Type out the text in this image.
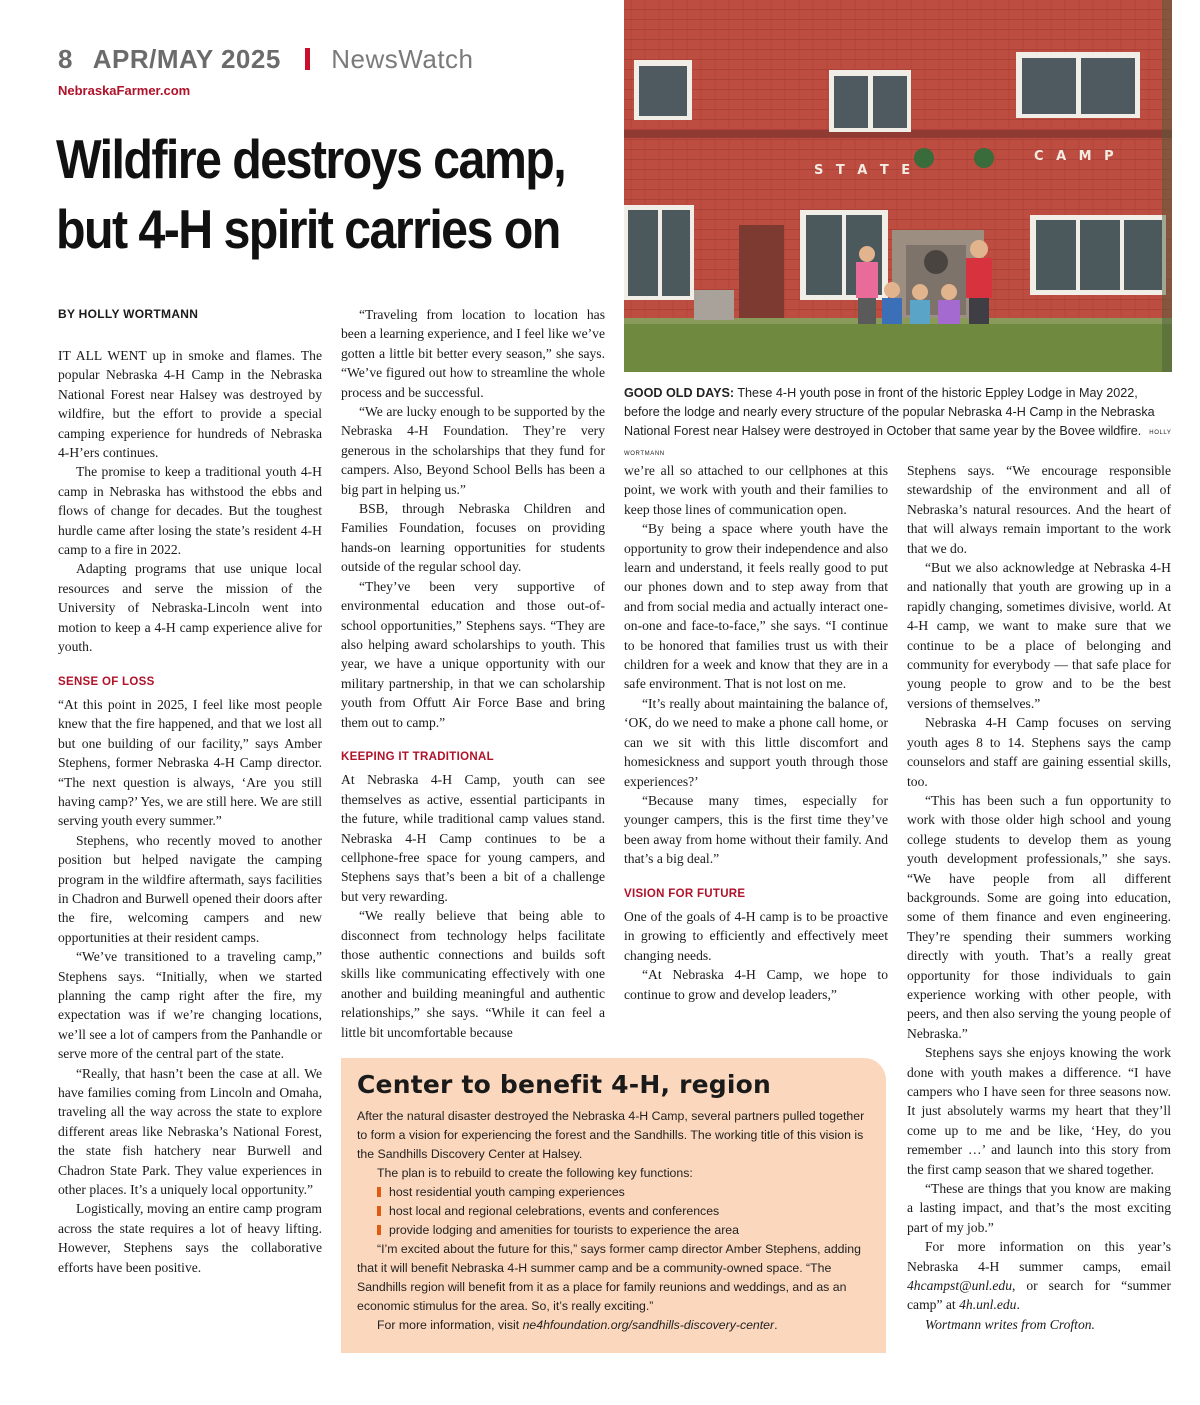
8 APR/MAY 2025 NewsWatch
NebraskaFarmer.com
Wildfire destroys camp,
but 4-H spirit carries on
BY HOLLY WORTMANN
S T A T E
C A M P
GOOD OLD DAYS: These 4-H youth pose in front of the historic Eppley Lodge in May 2022, before the lodge and nearly every structure of the popular Nebraska 4-H Camp in the Nebraska National Forest near Halsey were destroyed in October that same year by the Bovee wildfire. HOLLY WORTMANN

IT ALL WENT up in smoke and flames. The popular Nebraska 4-H Camp in the Nebraska National Forest near Halsey was destroyed by wildfire, but the effort to provide a special camping experience for hundreds of Nebraska 4-H’ers continues.

The promise to keep a traditional youth 4-H camp in Nebraska has withstood the ebbs and flows of change for decades. But the toughest hurdle came after losing the state’s resident 4-H camp to a fire in 2022.

Adapting programs that use unique local resources and serve the mission of the University of Nebraska-Lincoln went into motion to keep a 4-H camp experience alive for youth.

SENSE OF LOSS

“At this point in 2025, I feel like most people knew that the fire happened, and that we lost all but one building of our facility,” says Amber Stephens, former Nebraska 4-H Camp director. “The next question is always, ‘Are you still having camp?’ Yes, we are still here. We are still serving youth every summer.”

Stephens, who recently moved to another position but helped navigate the camping program in the wildfire aftermath, says facilities in Chadron and Burwell opened their doors after the fire, welcoming campers and new opportunities at their resident camps.

“We’ve transitioned to a traveling camp,” Stephens says. “Initially, when we started planning the camp right after the fire, my expectation was if we’re changing locations, we’ll see a lot of campers from the Panhandle or serve more of the central part of the state.

“Really, that hasn’t been the case at all. We have families coming from Lincoln and Omaha, traveling all the way across the state to explore different areas like Nebraska’s National Forest, the state fish hatchery near Burwell and Chadron State Park. They value experiences in other places. It’s a uniquely local opportunity.”

Logistically, moving an entire camp program across the state requires a lot of heavy lifting. However, Stephens says the collaborative efforts have been positive.

“Traveling from location to location has been a learning experience, and I feel like we’ve gotten a little bit better every season,” she says. “We’ve figured out how to streamline the whole process and be successful.

“We are lucky enough to be supported by the Nebraska 4-H Foundation. They’re very generous in the scholarships that they fund for campers. Also, Beyond School Bells has been a big part in helping us.”

BSB, through Nebraska Children and Families Foundation, focuses on providing hands-on learning opportunities for students outside of the regular school day.

“They’ve been very supportive of environmental education and those out-of-school opportunities,” Stephens says. “They are also helping award scholarships to youth. This year, we have a unique opportunity with our military partnership, in that we can scholarship youth from Offutt Air Force Base and bring them out to camp.”

KEEPING IT TRADITIONAL

At Nebraska 4-H Camp, youth can see themselves as active, essential participants in the future, while traditional camp values stand. Nebraska 4-H Camp continues to be a cellphone-free space for young campers, and Stephens says that’s been a bit of a challenge but very rewarding.

“We really believe that being able to disconnect from technology helps facilitate those authentic connections and builds soft skills like communicating effectively with one another and building meaningful and authentic relationships,” she says. “While it can feel a little bit uncomfortable because

we’re all so attached to our cellphones at this point, we work with youth and their families to keep those lines of communication open.

“By being a space where youth have the opportunity to grow their independence and also learn and understand, it feels really good to put our phones down and to step away from that and from social media and actually interact one-on-one and face-to-face,” she says. “I continue to be honored that families trust us with their children for a week and know that they are in a safe environment. That is not lost on me.

“It’s really about maintaining the balance of, ‘OK, do we need to make a phone call home, or can we sit with this little discomfort and homesickness and support youth through those experiences?’

“Because many times, especially for younger campers, this is the first time they’ve been away from home without their family. And that’s a big deal.”

VISION FOR FUTURE

One of the goals of 4-H camp is to be proactive in growing to efficiently and effectively meet changing needs.

“At Nebraska 4-H Camp, we hope to continue to grow and develop leaders,”

Stephens says. “We encourage responsible stewardship of the environment and all of Nebraska’s natural resources. And the heart of that will always remain important to the work that we do.

“But we also acknowledge at Nebraska 4-H and nationally that youth are growing up in a rapidly changing, sometimes divisive, world. At 4-H camp, we want to make sure that we continue to be a place of belonging and community for everybody — that safe place for young people to grow and to be the best versions of themselves.”

Nebraska 4-H Camp focuses on serving youth ages 8 to 14. Stephens says the camp counselors and staff are gaining essential skills, too.

“This has been such a fun opportunity to work with those older high school and young college students to develop them as young youth development professionals,” she says. “We have people from all different backgrounds. Some are going into education, some of them finance and even engineering. They’re spending their summers working directly with youth. That’s a really great opportunity for those individuals to gain experience working with other people, with peers, and then also serving the young people of Nebraska.”

Stephens says she enjoys knowing the work done with youth makes a difference. “I have campers who I have seen for three seasons now. It just absolutely warms my heart that they’ll come up to me and be like, ‘Hey, do you remember …’ and launch into this story from the first camp season that we shared together.

“These are things that you know are making a lasting impact, and that’s the most exciting part of my job.”

For more information on this year’s Nebraska 4-H summer camps, email 4hcampst@unl.edu, or search for “summer camp” at 4h.unl.edu.

Wortmann writes from Crofton.

Center to benefit 4-H, region

After the natural disaster destroyed the Nebraska 4-H Camp, several partners pulled together to form a vision for experiencing the forest and the Sandhills. The working title of this vision is the Sandhills Discovery Center at Halsey.

The plan is to rebuild to create the following key functions:

host residential youth camping experiences
host local and regional celebrations, events and conferences
provide lodging and amenities for tourists to experience the area

“I’m excited about the future for this,” says former camp director Amber Stephens, adding that it will benefit Nebraska 4-H summer camp and be a community-owned space. “The Sandhills region will benefit from it as a place for family reunions and weddings, and as an economic stimulus for the area. So, it’s really exciting.”

For more information, visit ne4hfoundation.org/sandhills-discovery-center.
